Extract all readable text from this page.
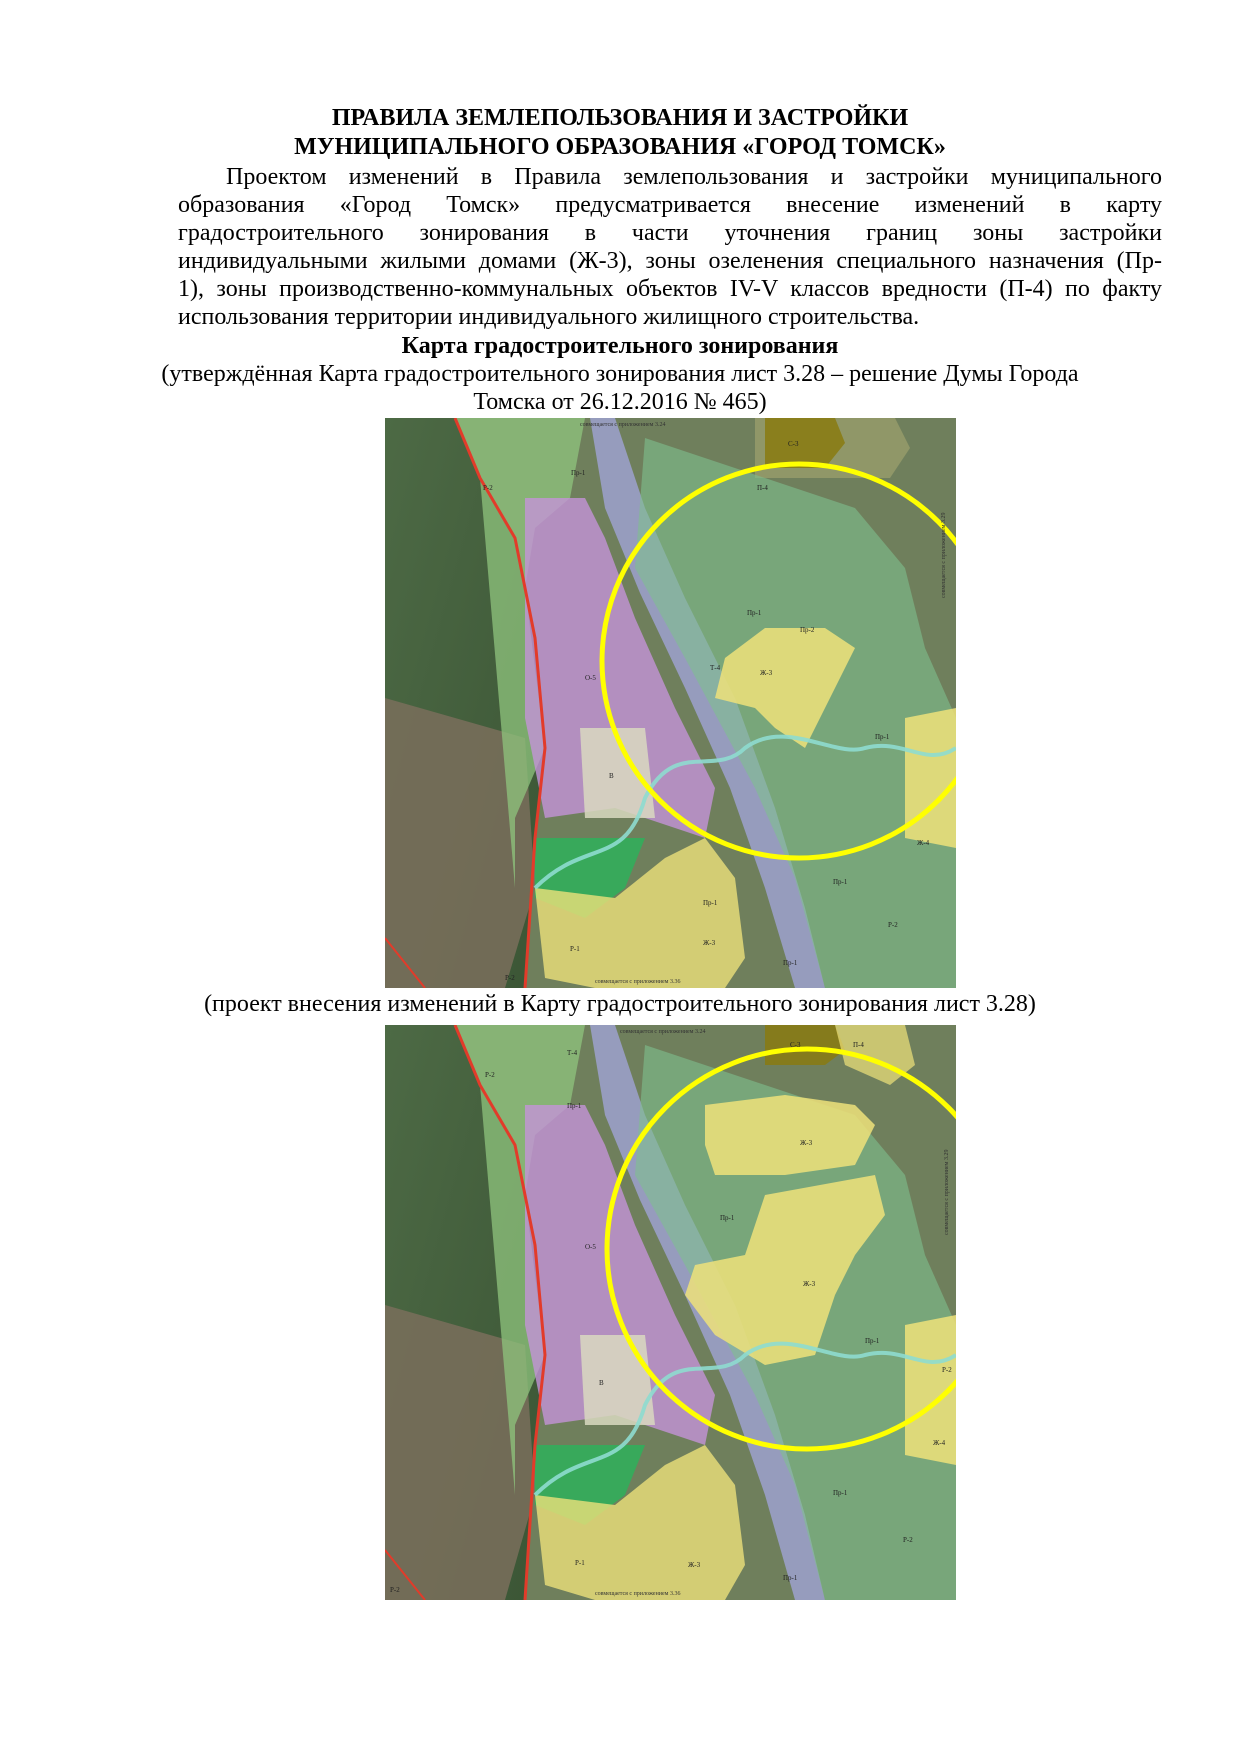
ПРАВИЛА ЗЕМЛЕПОЛЬЗОВАНИЯ И ЗАСТРОЙКИ
МУНИЦИПАЛЬНОГО ОБРАЗОВАНИЯ «ГОРОД ТОМСК»
Проектом изменений в Правила землепользования и застройки муниципального
образования «Город Томск» предусматривается внесение изменений в карту
градостроительного зонирования в части уточнения границ зоны застройки
индивидуальными жилыми домами (Ж-3), зоны озеленения специального назначения (Пр-
1), зоны производственно-коммунальных объектов IV-V классов вредности (П-4) по факту
использования территории индивидуального жилищного строительства.
Карта градостроительного зонирования
(утверждённая Карта градостроительного зонирования лист 3.28 – решение Думы Города
Томска от 26.12.2016 № 465)
совмещается с приложением 3.24
совмещается с приложением 3.36
совмещается с приложением 3.29
Р-2
Пр-1
С-3
П-4
Пр-1
Пр-2
Ж-3
Т-4
О-5
В
Пр-1
Ж-4
Пр-1
Пр-1
Р-1
Ж-3
Пр-1
Р-2
Р-2
(проект внесения изменений в Карту градостроительного зонирования лист 3.28)
совмещается с приложением 3.24
совмещается с приложением 3.36
совмещается с приложением 3.29
Р-2
Т-4
Пр-1
С-3	П-4
Ж-3
Пр-1
О-5
Ж-3
В
Пр-1
Р-2
Ж-4
Пр-1
Р-1	Ж-3
Пр-1
Р-2
Р-2
